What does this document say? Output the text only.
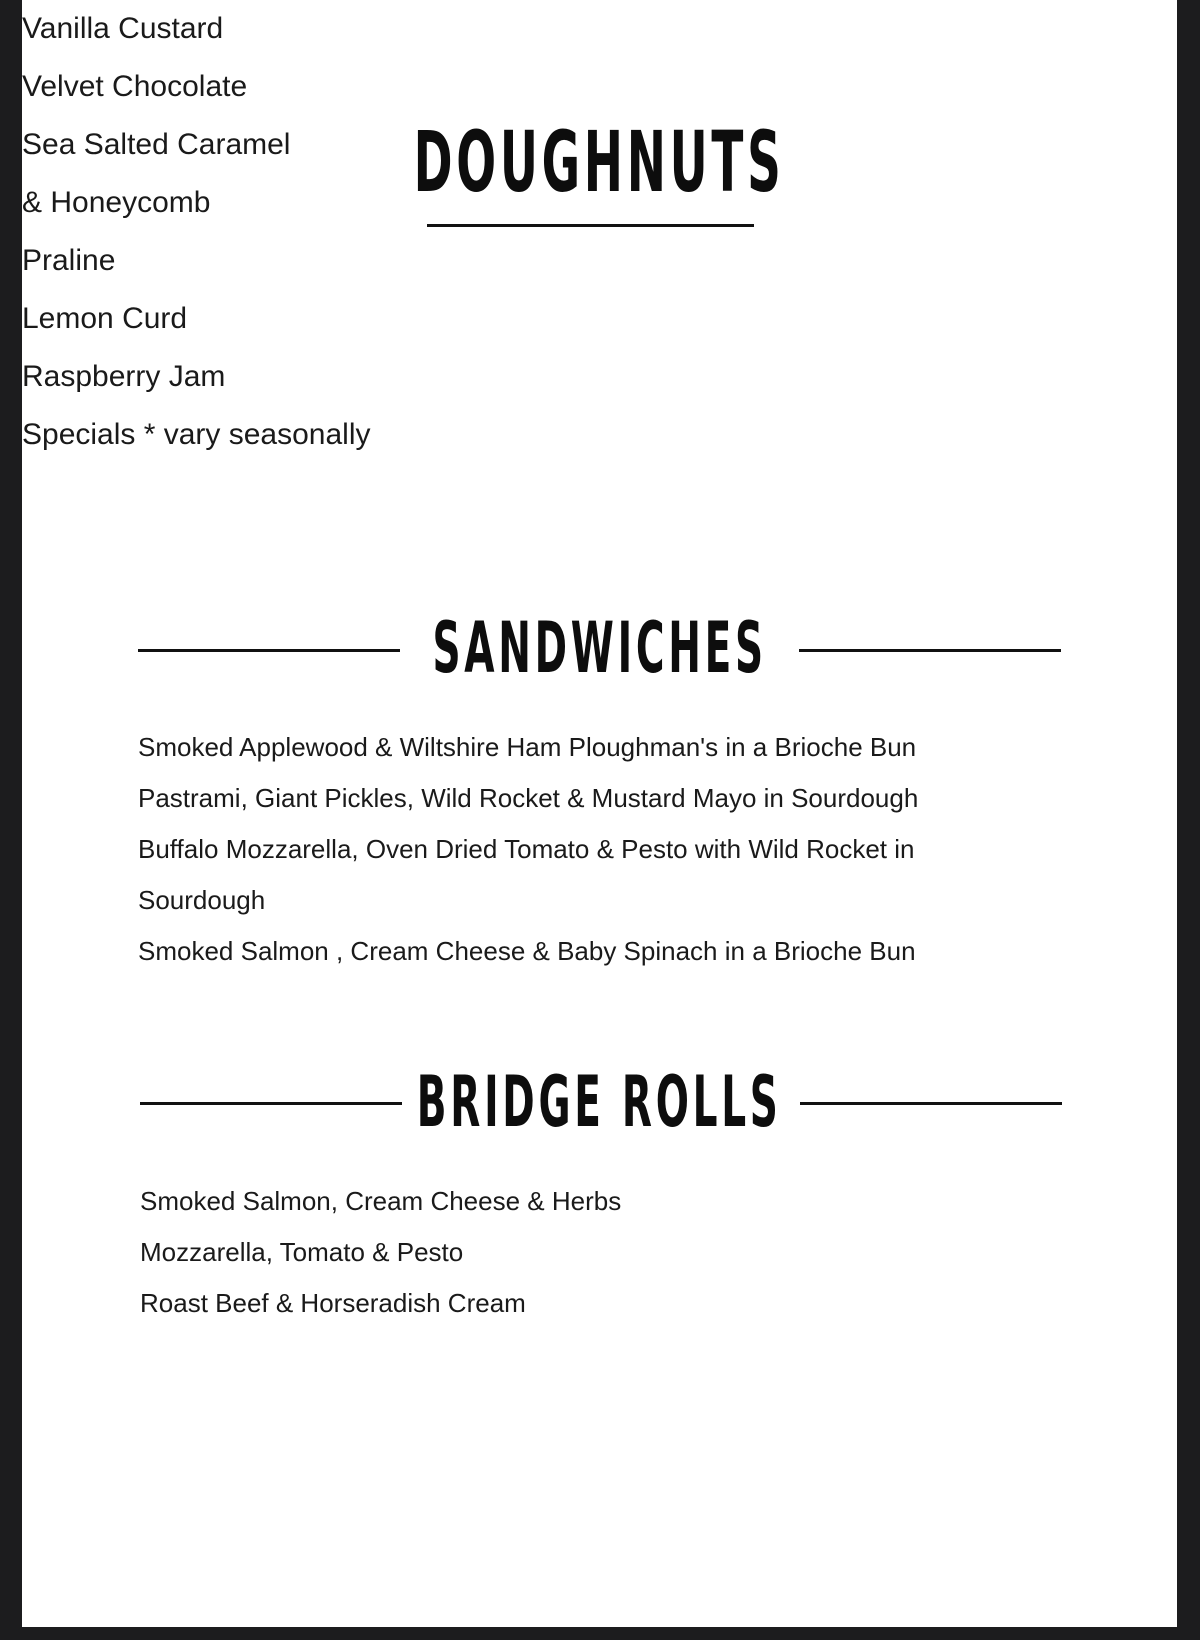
DOUGHNUTS
Vanilla Custard
Velvet Chocolate
Sea Salted Caramel
& Honeycomb
Praline
Lemon Curd
Raspberry Jam
Specials * vary seasonally
SANDWICHES
Smoked Applewood & Wiltshire Ham Ploughman's in a Brioche Bun
Pastrami, Giant Pickles, Wild Rocket & Mustard Mayo in Sourdough
Buffalo Mozzarella, Oven Dried Tomato & Pesto with Wild Rocket in
Sourdough
Smoked Salmon , Cream Cheese & Baby Spinach in a Brioche Bun
BRIDGE ROLLS
Smoked Salmon, Cream Cheese & Herbs
Mozzarella, Tomato & Pesto
Roast Beef & Horseradish Cream
